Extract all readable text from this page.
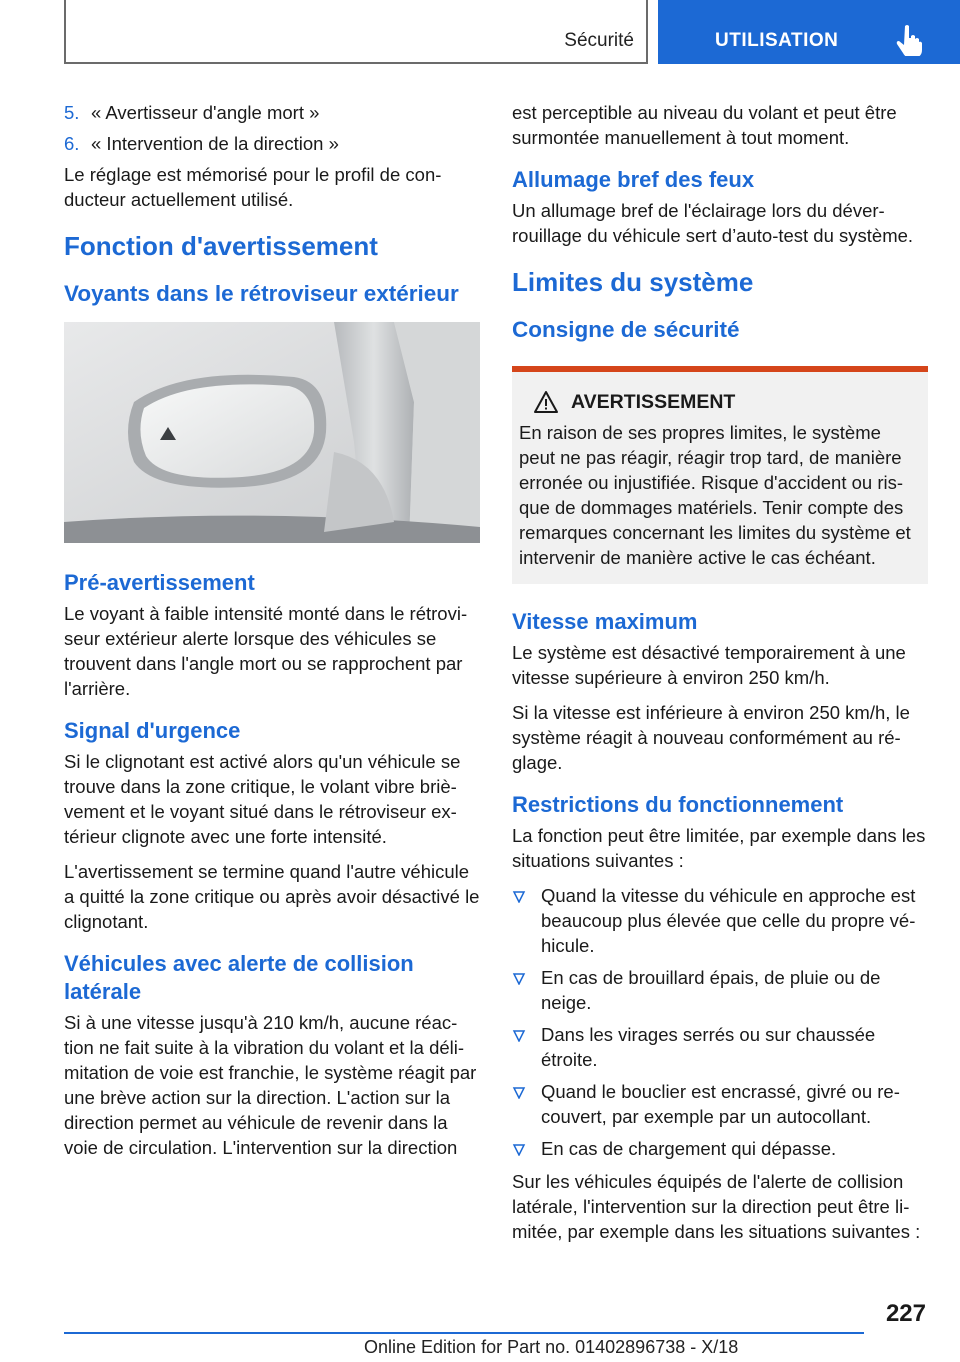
Sécurité	UTILISATION
5. « Avertisseur d'angle mort »
6. « Intervention de la direction »

Le réglage est mémorisé pour le profil de conducteur actuellement utilisé.

Fonction d'avertissement
Voyants dans le rétroviseur extérieur
Pré-avertissement

Le voyant à faible intensité monté dans le rétroviseur extérieur alerte lorsque des véhicules se trouvent dans l'angle mort ou se rapprochent par l'arrière.

Signal d'urgence

Si le clignotant est activé alors qu'un véhicule se trouve dans la zone critique, le volant vibre brièvement et le voyant situé dans le rétroviseur extérieur clignote avec une forte intensité.

L'avertissement se termine quand l'autre véhicule a quitté la zone critique ou après avoir désactivé le clignotant.

Véhicules avec alerte de collision latérale

Si à une vitesse jusqu'à 210 km/h, aucune réaction ne fait suite à la vibration du volant et la délimitation de voie est franchie, le système réagit par une brève action sur la direction. L'action sur la direction permet au véhicule de revenir dans la voie de circulation. L'intervention sur la direction

est perceptible au niveau du volant et peut être surmontée manuellement à tout moment.

Allumage bref des feux

Un allumage bref de l'éclairage lors du déverrouillage du véhicule sert d’auto-test du système.

Limites du système
Consigne de sécurité
AVERTISSEMENT

En raison de ses propres limites, le système peut ne pas réagir, réagir trop tard, de manière erronée ou injustifiée. Risque d'accident ou risque de dommages matériels. Tenir compte des remarques concernant les limites du système et intervenir de manière active le cas échéant.

Vitesse maximum

Le système est désactivé temporairement à une vitesse supérieure à environ 250 km/h.

Si la vitesse est inférieure à environ 250 km/h, le système réagit à nouveau conformément au réglage.

Restrictions du fonctionnement

La fonction peut être limitée, par exemple dans les situations suivantes :

Quand la vitesse du véhicule en approche est beaucoup plus élevée que celle du propre véhicule.
En cas de brouillard épais, de pluie ou de neige.
Dans les virages serrés ou sur chaussée étroite.
Quand le bouclier est encrassé, givré ou recouvert, par exemple par un autocollant.
En cas de chargement qui dépasse.

Sur les véhicules équipés de l'alerte de collision latérale, l'intervention sur la direction peut être limitée, par exemple dans les situations suivantes :

227
Online Edition for Part no. 01402896738 - X/18
